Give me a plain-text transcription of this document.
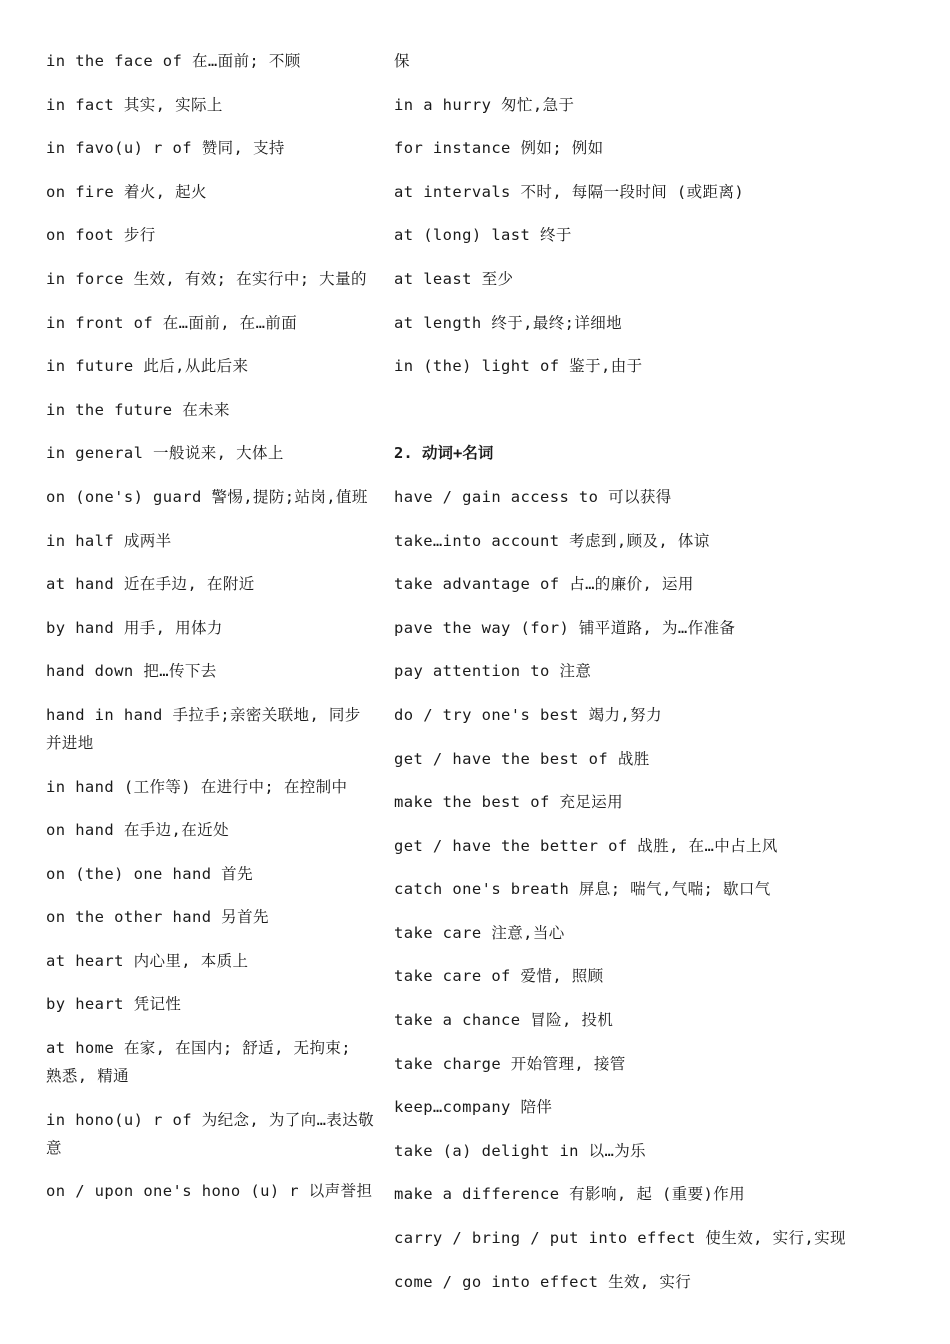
in the face of 在…面前; 不顾
in fact 其实, 实际上
in favo(u) r of 赞同, 支持
on fire 着火, 起火
on foot 步行
in force 生效, 有效; 在实行中; 大量的
in front of 在…面前, 在…前面
in future 此后,从此后来
in the future 在未来
in general 一般说来, 大体上
on (one's) guard 警惕,提防;站岗,值班
in half 成两半
at hand 近在手边, 在附近
by hand 用手, 用体力
hand down 把…传下去
hand in hand 手拉手;亲密关联地, 同步并进地
in hand (工作等) 在进行中; 在控制中
on hand 在手边,在近处
on (the) one hand 首先
on the other hand 另首先
at heart 内心里, 本质上
by heart 凭记性
at home 在家, 在国内; 舒适, 无拘束; 熟悉, 精通
in hono(u) r of 为纪念, 为了向…表达敬意
on / upon one's hono (u) r 以声誉担
保
in a hurry 匆忙,急于
for instance 例如; 例如
at intervals 不时, 每隔一段时间 (或距离)
at (long) last 终于
at least 至少
at length 终于,最终;详细地
in (the) light of 鉴于,由于
2. 动词+名词
have / gain access to 可以获得
take…into account 考虑到,顾及, 体谅
take advantage of 占…的廉价, 运用
pave the way (for) 铺平道路, 为…作准备
pay attention to 注意
do / try one's best 竭力,努力
get / have the best of 战胜
make the best of 充足运用
get / have the better of 战胜, 在…中占上风
catch one's breath 屏息; 喘气,气喘; 歇口气
take care 注意,当心
take care of 爱惜, 照顾
take a chance 冒险, 投机
take charge 开始管理, 接管
keep…company 陪伴
take (a) delight in 以…为乐
make a difference 有影响, 起 (重要)作用
carry / bring / put into effect 使生效, 实行,实现
come / go into effect 生效, 实行
